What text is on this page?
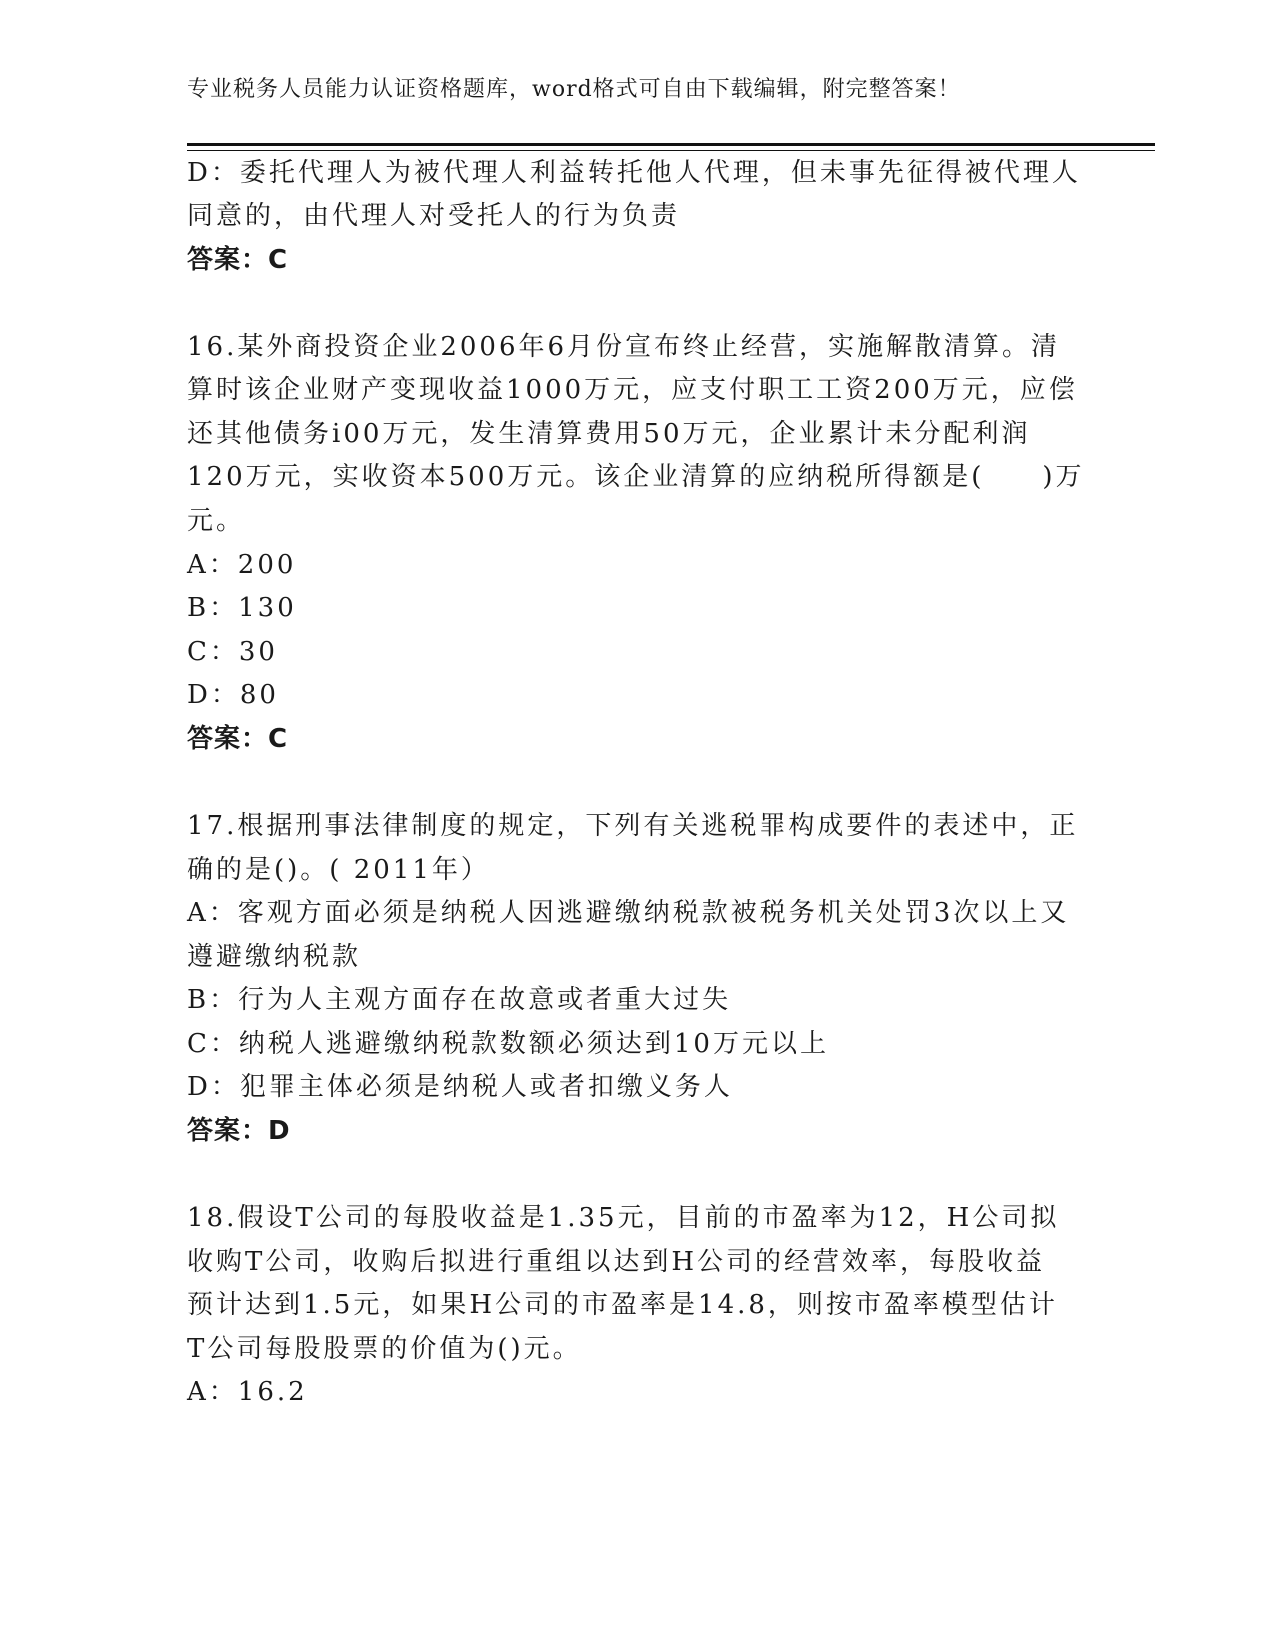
专业税务人员能力认证资格题库，word格式可自由下载编辑，附完整答案！
D：委托代理人为被代理人利益转托他人代理，但未事先征得被代理人
同意的，由代理人对受托人的行为负责
答案：C
16.某外商投资企业2006年6月份宣布终止经营，实施解散清算。清
算时该企业财产变现收益1000万元，应支付职工工资200万元，应偿
还其他债务i00万元，发生清算费用50万元，企业累计未分配利润
120万元，实收资本500万元。该企业清算的应纳税所得额是(　　)万
元。
A：200
B：130
C：30
D：80
答案：C
17.根据刑事法律制度的规定，下列有关逃税罪构成要件的表述中，正
确的是()。( 2011年）
A：客观方面必须是纳税人因逃避缴纳税款被税务机关处罚3次以上又
遵避缴纳税款
B：行为人主观方面存在故意或者重大过失
C：纳税人逃避缴纳税款数额必须达到10万元以上
D：犯罪主体必须是纳税人或者扣缴义务人
答案：D
18.假设T公司的每股收益是1.35元，目前的市盈率为12，H公司拟
收购T公司，收购后拟进行重组以达到H公司的经营效率，每股收益
预计达到1.5元，如果H公司的市盈率是14.8，则按市盈率模型估计
T公司每股股票的价值为()元。
A：16.2
